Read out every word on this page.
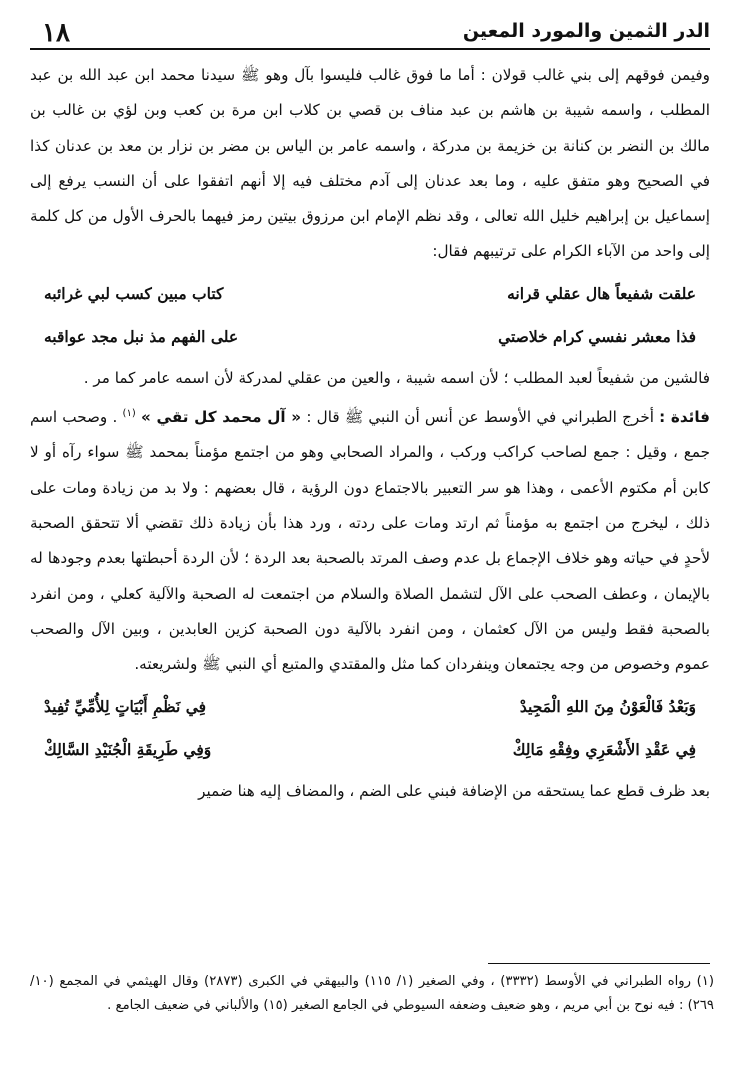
١٨	الدر الثمين والمورد المعين

وفيمن فوقهم إلى بني غالب قولان : أما ما فوق غالب فليسوا بآل وهو ﷺ سيدنا محمد ابن عبد الله بن عبد المطلب ، واسمه شيبة بن هاشم بن عبد مناف بن قصي بن كلاب ابن مرة بن كعب وبن لؤي بن غالب بن مالك بن النضر بن كنانة بن خزيمة بن مدركة ، واسمه عامر بن الياس بن مضر بن نزار بن معد بن عدنان كذا في الصحيح وهو متفق عليه ، وما بعد عدنان إلى آدم مختلف فيه إلا أنهم اتفقوا على أن النسب يرفع إلى إسماعيل بن إبراهيم خليل الله تعالى ، وقد نظم الإمام ابن مرزوق بيتين رمز فيهما بالحرف الأول من كل كلمة إلى واحد من الآباء الكرام على ترتيبهم فقال:

علقت شفيعاً هال عقلي قرانه
كتاب مبين كسب لبي غرائبه
فذا معشر نفسي كرام خلاصتي
على الفهم مذ نبل مجد عواقبه

فالشين من شفيعاً لعبد المطلب ؛ لأن اسمه شيبة ، والعين من عقلي لمدركة لأن اسمه عامر كما مر .

فائدة : أخرج الطبراني في الأوسط عن أنس أن النبي ﷺ قال : « آل محمد كل تقي » $^{(١)}$ . وصحب اسم جمع ، وقيل : جمع لصاحب كراكب وركب ، والمراد الصحابي وهو من اجتمع مؤمناً بمحمد ﷺ سواء رآه أو لا كابن أم مكتوم الأعمى ، وهذا هو سر التعبير بالاجتماع دون الرؤية ، قال بعضهم : ولا بد من زيادة ومات على ذلك ، ليخرج من اجتمع به مؤمناً ثم ارتد ومات على ردته ، ورد هذا بأن زيادة ذلك تقضي ألا تتحقق الصحبة لأحدٍ في حياته وهو خلاف الإجماع بل عدم وصف المرتد بالصحبة بعد الردة ؛ لأن الردة أحبطتها بعدم وجودها له بالإيمان ، وعطف الصحب على الآل لتشمل الصلاة والسلام من اجتمعت له الصحبة والآلية كعلي ، ومن انفرد بالصحبة فقط وليس من الآل كعثمان ، ومن انفرد بالآلية دون الصحبة كزين العابدين ، وبين الآل والصحب عموم وخصوص من وجه يجتمعان وينفردان كما مثل والمقتدي والمتبع أي النبي ﷺ ولشريعته.

وَبَعْدُ فَالْعَوْنُ مِنَ اللهِ الْمَجِيدْ
فِي نَظْمِ أَبْيَاتٍ لِلأُمِّيِّ تُفِيدْ
فِي عَقْدِ الأَشْعَرِي وفِقْهِ مَالِكْ
وَفِي طَرِيقَةِ الْجُنَيْدِ السَّالِكْ

بعد ظرف قطع عما يستحقه من الإضافة فبني على الضم ، والمضاف إليه هنا ضمير

(١) رواه الطبراني في الأوسط (٣٣٣٢) ، وفي الصغير (١/ ١١٥) والبيهقي في الكبرى (٢٨٧٣) وقال الهيثمي في المجمع (١٠/ ٢٦٩) : فيه نوح بن أبي مريم ، وهو ضعيف وضعفه السيوطي في الجامع الصغير (١٥) والألباني في ضعيف الجامع .
